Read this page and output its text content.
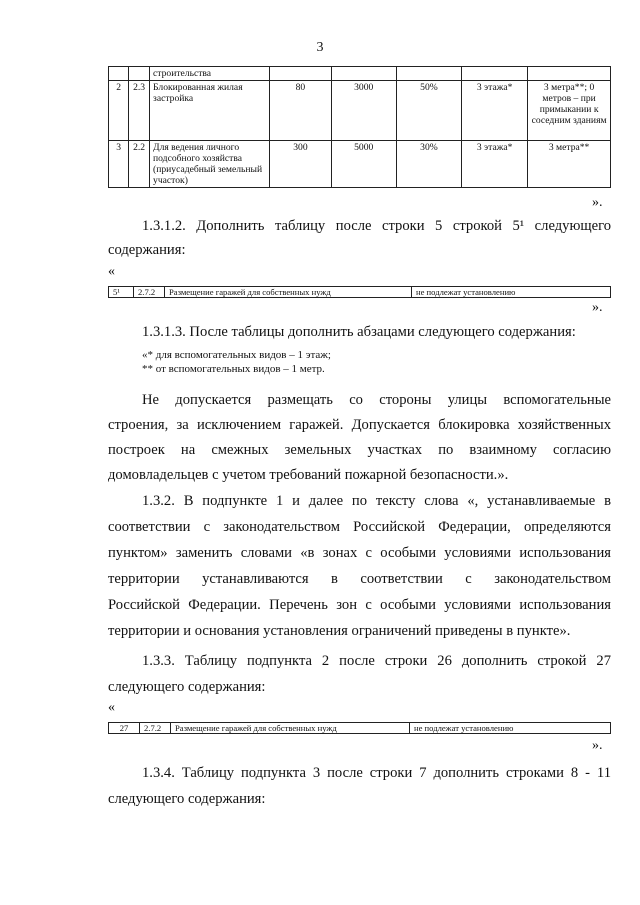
3
		строительства					
2	2.3	Блокированная жилая застройка	80	3000	50%	3 этажа*	3 метра**; 0 метров – при примыкании к соседним зданиям
3	2.2	Для ведения личного подсобного хозяйства (приусадебный земельный участок)	300	5000	30%	3 этажа*	3 метра**
».
1.3.1.2. Дополнить таблицу после строки 5 строкой 5¹ следующего
содержания:
«
5¹	2.7.2	Размещение гаражей для собственных нужд	не подлежат установлению
».
1.3.1.3. После таблицы дополнить абзацами следующего содержания:
«* для вспомогательных видов – 1 этаж;
** от вспомогательных видов – 1 метр.
Не допускается размещать со стороны улицы вспомогательные
строения, за исключением гаражей. Допускается блокировка хозяйственных
построек на смежных земельных участках по взаимному согласию
домовладельцев с учетом требований пожарной безопасности.».
1.3.2. В подпункте 1 и далее по тексту слова «, устанавливаемые в
соответствии с законодательством Российской Федерации, определяются
пунктом» заменить словами «в зонах с особыми условиями использования
территории устанавливаются в соответствии с законодательством
Российской Федерации. Перечень зон с особыми условиями использования
территории и основания установления ограничений приведены в пункте».
1.3.3. Таблицу подпункта 2 после строки 26 дополнить строкой 27
следующего содержания:
«
27	2.7.2	Размещение гаражей для собственных нужд	не подлежат установлению
».
1.3.4. Таблицу подпункта 3 после строки 7 дополнить строками 8 - 11
следующего содержания:
